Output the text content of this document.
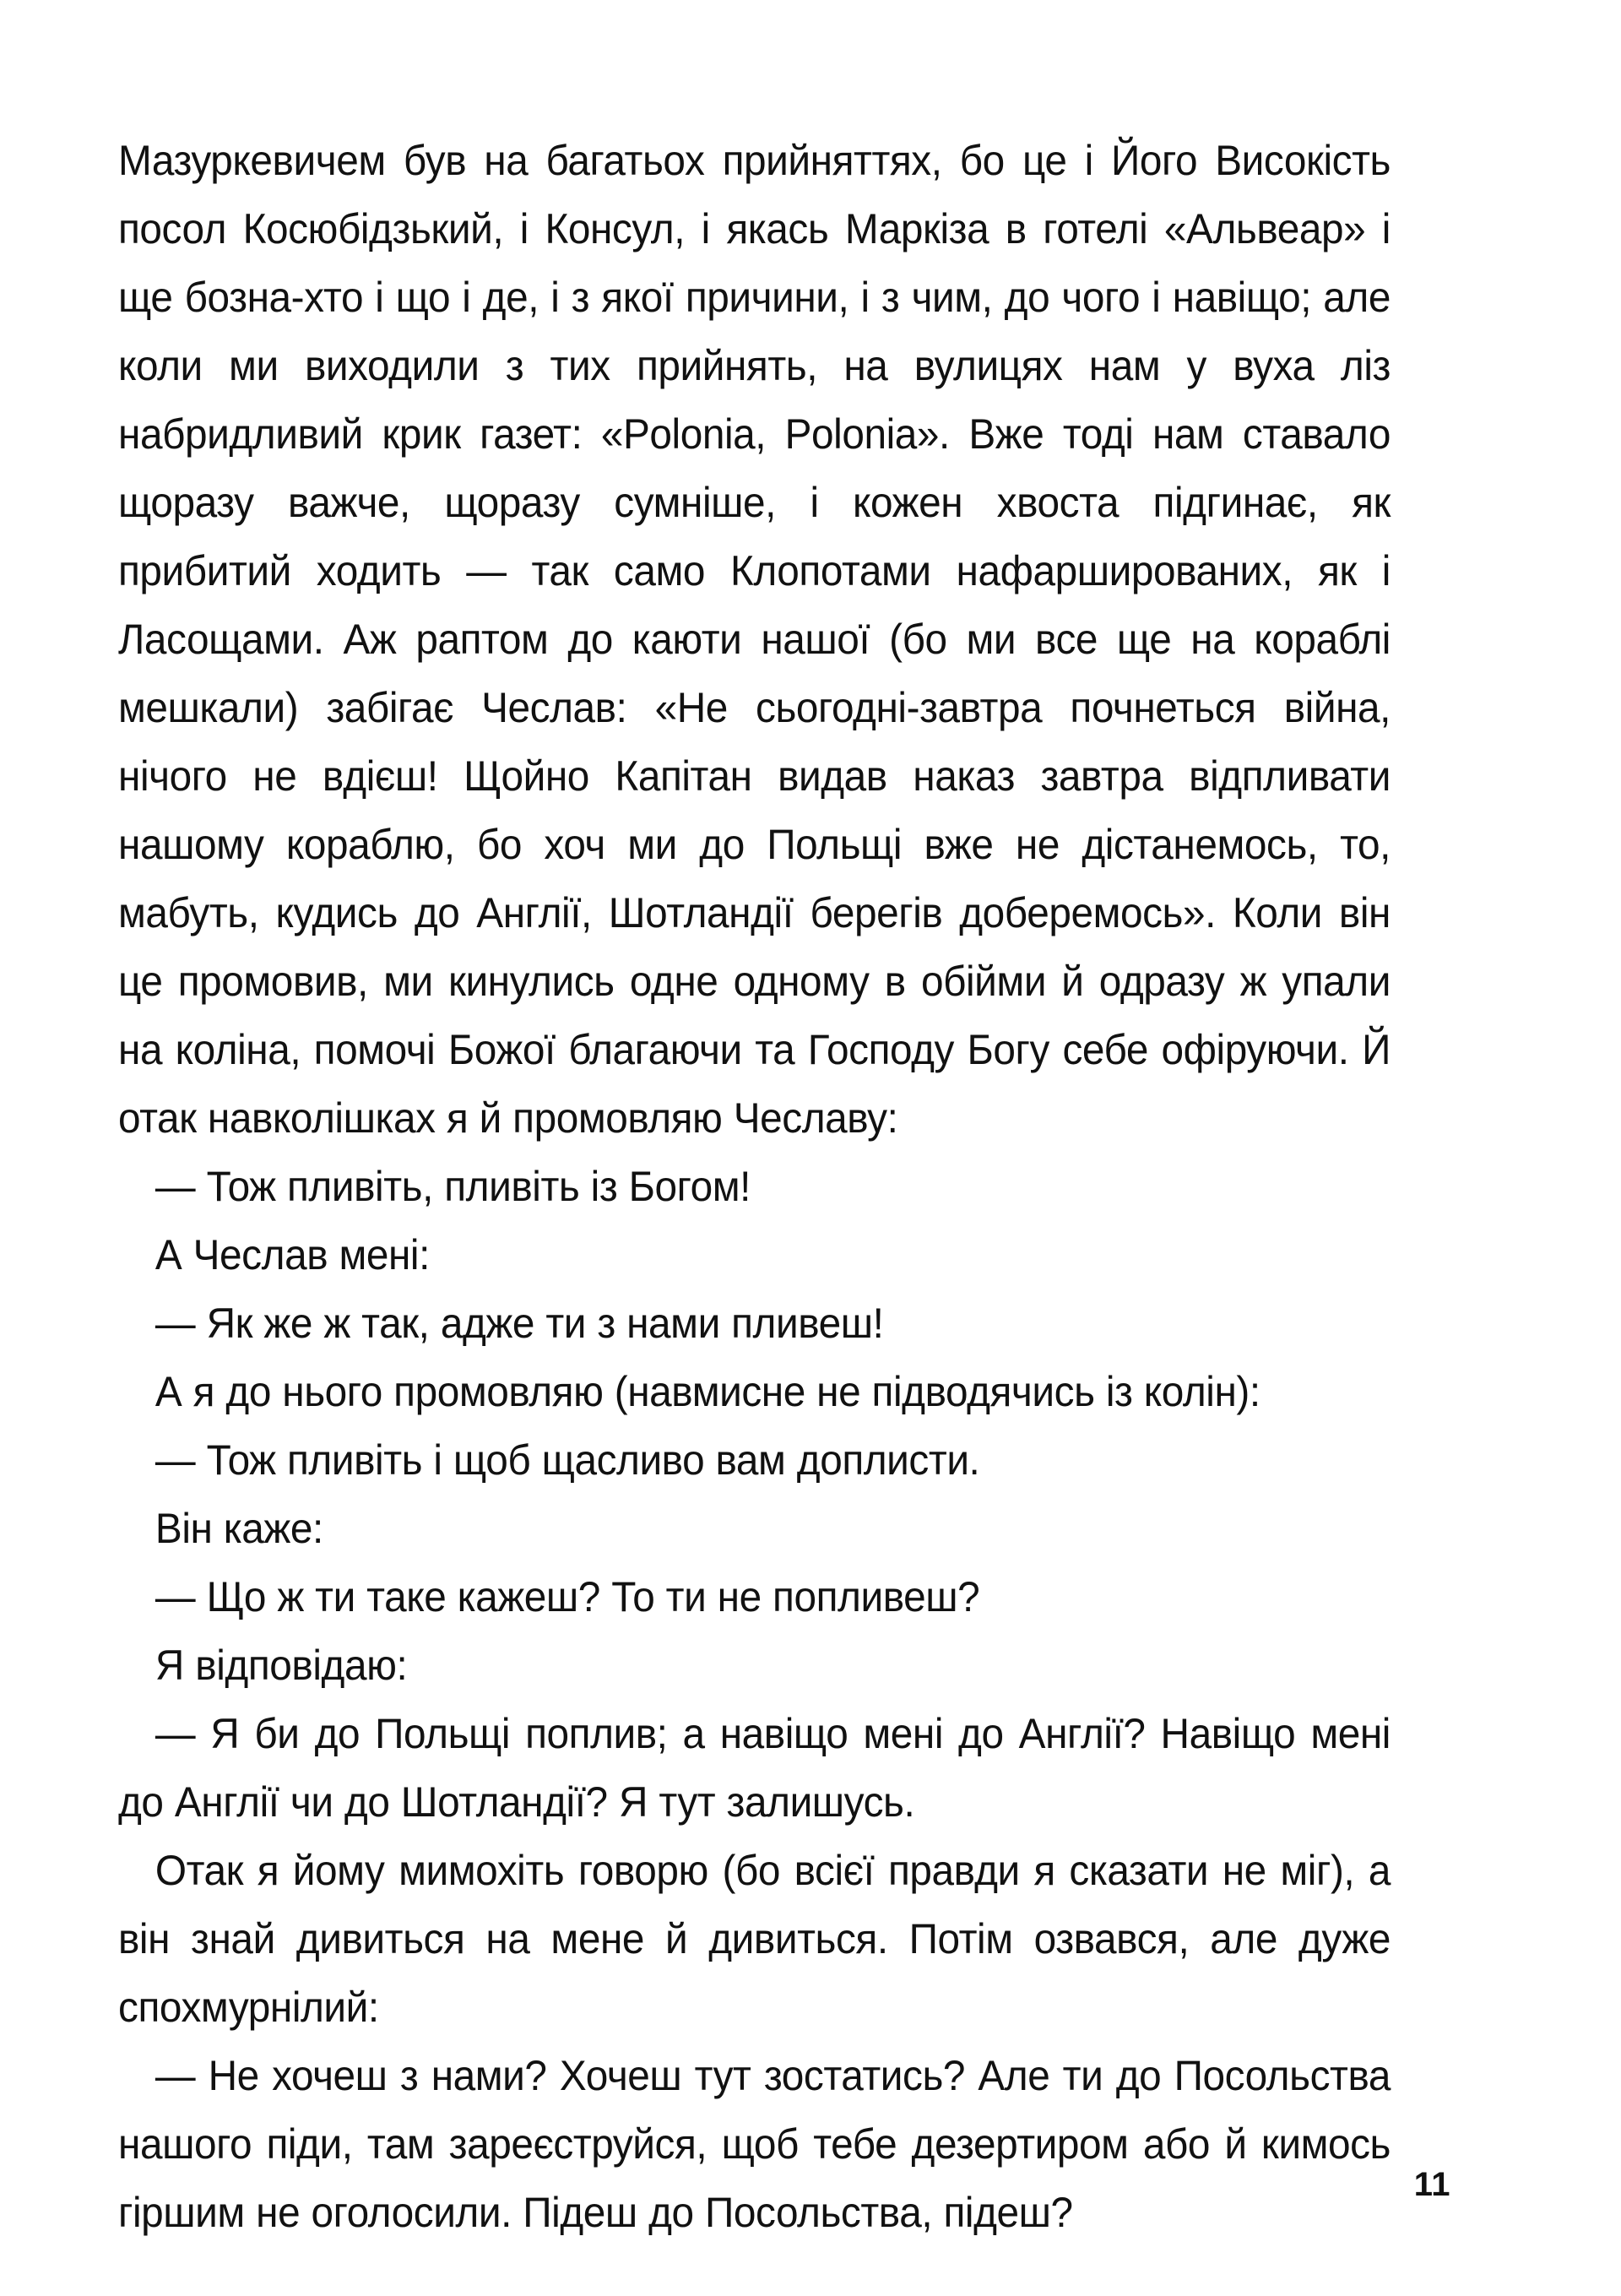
Мазуркевичем був на багатьох прийняттях, бо це і Його Високість посол Косюбідзький, і Консул, і якась Маркіза в готелі «Альвеар» і ще бозна-хто і що і де, і з якої причини, і з чим, до чого і навіщо; але коли ми виходили з тих прийнять, на вулицях нам у вуха ліз набридливий крик газет: «Polonia, Polonia». Вже тоді нам ставало щоразу важче, щоразу сумніше, і кожен хвоста підгинає, як прибитий ходить — так само Клопотами нафаршированих, як і Ласощами. Аж раптом до каюти нашої (бо ми все ще на кораблі мешкали) забігає Чеслав: «Не сьогодні-завтра почнеться війна, нічого не вдієш! Щойно Капітан видав наказ завтра відпливати нашому кораблю, бо хоч ми до Польщі вже не дістанемось, то, мабуть, кудись до Англії, Шотландії берегів доберемось». Коли він це промовив, ми кинулись одне одному в обійми й одразу ж упали на коліна, помочі Божої благаючи та Господу Богу себе офіруючи. Й отак навколішках я й промовляю Чеславу:

— Тож пливіть, пливіть із Богом!

А Чеслав мені:

— Як же ж так, адже ти з нами пливеш!

А я до нього промовляю (навмисне не підводячись із колін):

— Тож пливіть і щоб щасливо вам доплисти.

Він каже:

— Що ж ти таке кажеш? То ти не попливеш?

Я відповідаю:

— Я би до Польщі поплив; а навіщо мені до Англії? Навіщо мені до Англії чи до Шотландії? Я тут залишусь.

Отак я йому мимохіть говорю (бо всієї правди я сказати не міг), а він знай дивиться на мене й дивиться. Потім озвався, але дуже спохмурнілий:

— Не хочеш з нами? Хочеш тут зостатись? Але ти до Посольства нашого піди, там зареєструйся, щоб тебе дезертиром або й кимось гіршим не оголосили. Підеш до Посольства, підеш?

11
